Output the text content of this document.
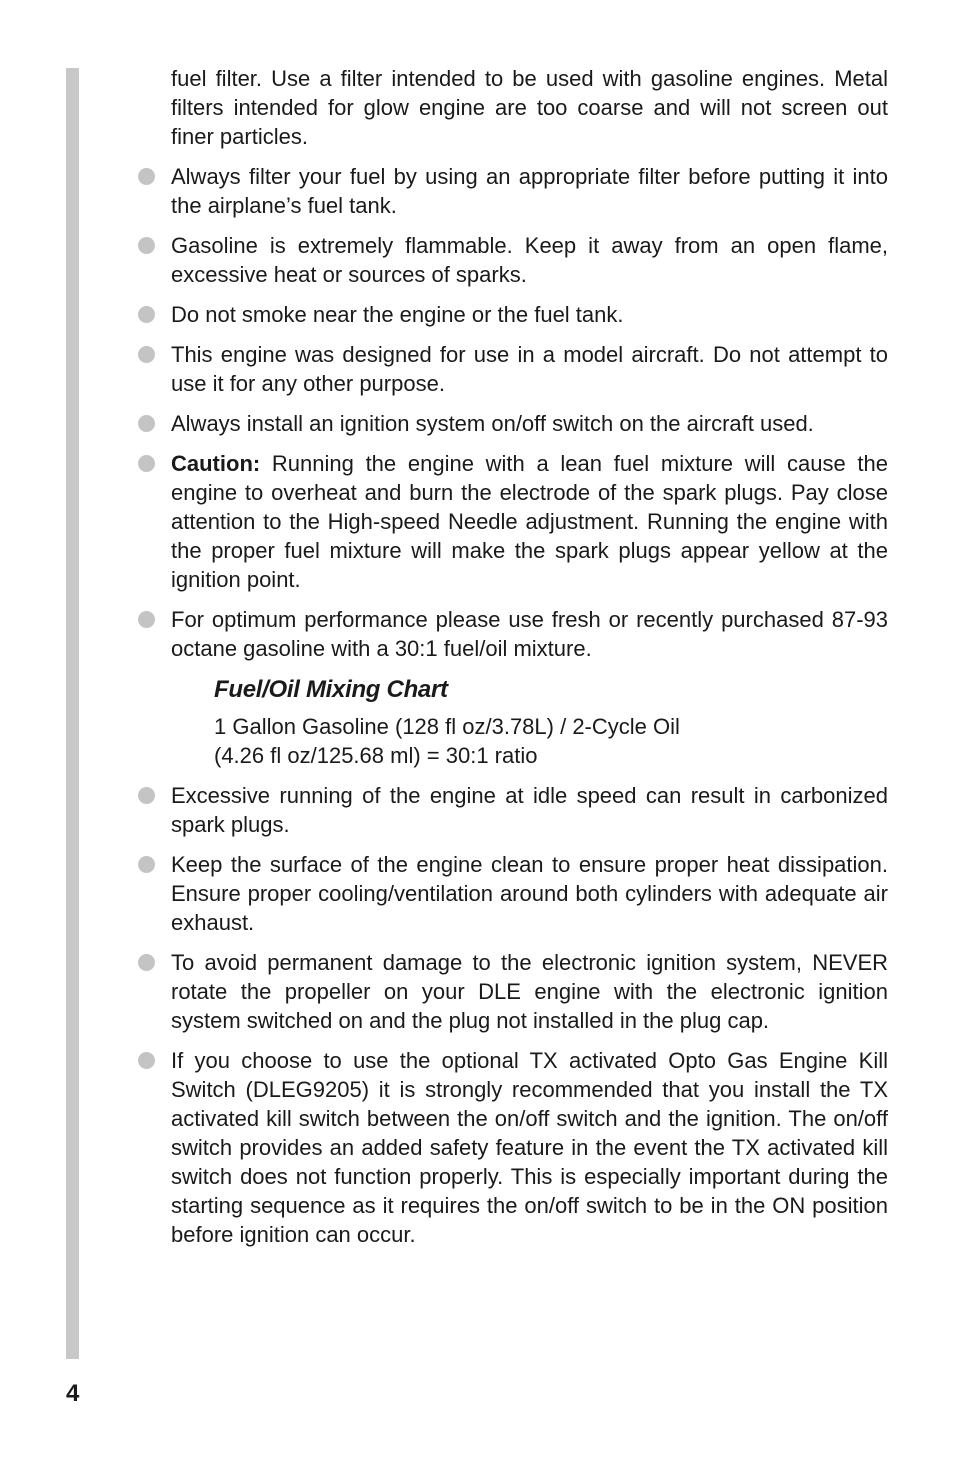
fuel filter. Use a filter intended to be used with gasoline engines. Metal filters intended for glow engine are too coarse and will not screen out finer particles.

Always filter your fuel by using an appropriate filter before putting it into the airplane’s fuel tank.
Gasoline is extremely flammable. Keep it away from an open flame, excessive heat or sources of sparks.
Do not smoke near the engine or the fuel tank.
This engine was designed for use in a model aircraft. Do not attempt to use it for any other purpose.
Always install an ignition system on/off switch on the aircraft used.
Caution: Running the engine with a lean fuel mixture will cause the engine to overheat and burn the electrode of the spark plugs. Pay close attention to the High-speed Needle adjustment. Running the engine with the proper fuel mixture will make the spark plugs appear yellow at the ignition point.
For optimum performance please use fresh or recently purchased 87-93 octane gasoline with a 30:1 fuel/oil mixture.
Fuel/Oil Mixing Chart

1 Gallon Gasoline (128 fl oz/3.78L) / 2-Cycle Oil

(4.26 fl oz/125.68 ml) = 30:1 ratio

Excessive running of the engine at idle speed can result in carbonized spark plugs.
Keep the surface of the engine clean to ensure proper heat dissipation. Ensure proper cooling/ventilation around both cylinders with adequate air exhaust.
To avoid permanent damage to the electronic ignition system, NEVER rotate the propeller on your DLE engine with the electronic ignition system switched on and the plug not installed in the plug cap.
If you choose to use the optional TX activated Opto Gas Engine Kill Switch (DLEG9205) it is strongly recommended that you install the TX activated kill switch between the on/off switch and the ignition. The on/off switch provides an added safety feature in the event the TX activated kill switch does not function properly. This is especially important during the starting sequence as it requires the on/off switch to be in the ON position before ignition can occur.
4
